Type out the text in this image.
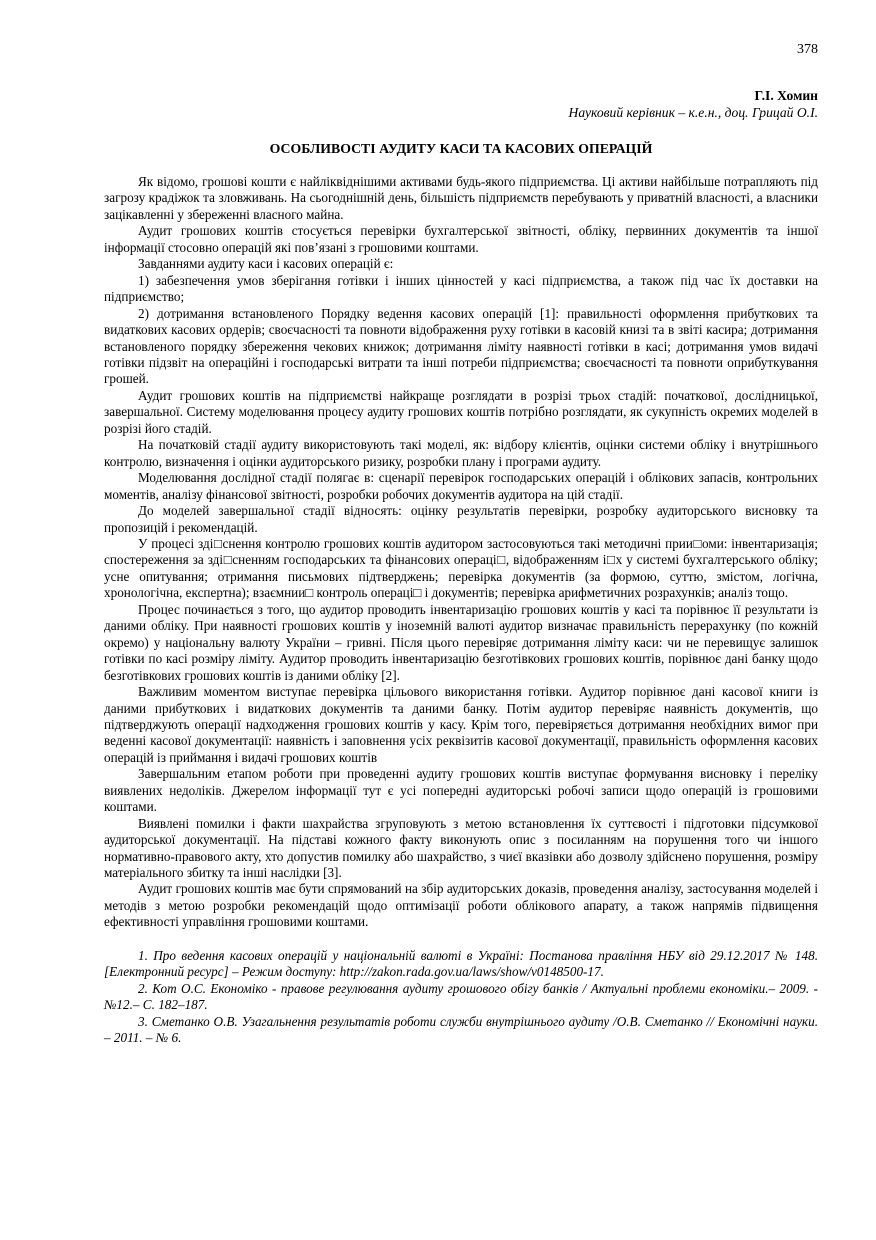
378

Г.І. Хомин

Науковий керівник – к.е.н., доц. Грицай О.І.

ОСОБЛИВОСТІ АУДИТУ КАСИ ТА КАСОВИХ ОПЕРАЦІЙ

Як відомо, грошові кошти є найліквіднішими активами будь-якого підприємства. Ці активи найбільше потрапляють під загрозу крадіжок та зловживань. На сьогоднішній день, більшість підприємств перебувають у приватній власності, а власники зацікавленні у збереженні власного майна.

Аудит грошових коштів стосується перевірки бухгалтерської звітності, обліку, первинних документів та іншої інформації стосовно операцій які пов’язані з грошовими коштами.

Завданнями аудиту каси і касових операцій є:

1) забезпечення умов зберігання готівки і інших цінностей у касі підприємства, а також під час їх доставки на підприємство;

2) дотримання встановленого Порядку ведення касових операцій [1]: правильності оформлення прибуткових та видаткових касових ордерів; своєчасності та повноти відображення руху готівки в касовій книзі та в звіті касира; дотримання встановленого порядку збереження чекових книжок; дотримання ліміту наявності готівки в касі; дотримання умов видачі готівки підзвіт на операційні і господарські витрати та інші потреби підприємства; своєчасності та повноти оприбуткування грошей.

Аудит грошових коштів на підприємстві найкраще розглядати в розрізі трьох стадій: початкової, дослідницької, завершальної. Систему моделювання процесу аудиту грошових коштів потрібно розглядати, як сукупність окремих моделей в розрізі його стадій.

На початковій стадії аудиту використовують такі моделі, як: відбору клієнтів, оцінки системи обліку і внутрішнього контролю, визначення і оцінки аудиторського ризику, розробки плану і програми аудиту.

Моделювання дослідної стадії полягає в: сценарії перевірок господарських операцій і облікових запасів, контрольних моментів, аналізу фінансової звітності, розробки робочих документів аудитора на цій стадії.

До моделей завершальної стадії відносять: оцінку результатів перевірки, розробку аудиторського висновку та пропозицій і рекомендацій.

У процесі зді□снення контролю грошових коштів аудитором застосовуються такі методичні прии□оми: інвентаризація; спостереження за зді□сненням господарських та фінансових операці□, відображенням і□х у системі бухгалтерського обліку; усне опитування; отримання письмових підтверджень; перевірка документів (за формою, суттю, змістом, логічна, хронологічна, експертна); взаємнии□ контроль операці□ і документів; перевірка арифметичних розрахунків; аналіз тощо.

Процес починається з того, що аудитор проводить інвентаризацію грошових коштів у касі та порівнює її результати із даними обліку. При наявності грошових коштів у іноземній валюті аудитор визначає правильність перерахунку (по кожній окремо) у національну валюту України – гривні. Після цього перевіряє дотримання ліміту каси: чи не перевищує залишок готівки по касі розміру ліміту. Аудитор проводить інвентаризацію безготівкових грошових коштів, порівнює дані банку щодо безготівкових грошових коштів із даними обліку [2].

Важливим моментом виступає перевірка цільового використання готівки. Аудитор порівнює дані касової книги із даними прибуткових і видаткових документів та даними банку. Потім аудитор перевіряє наявність документів, що підтверджують операції надходження грошових коштів у касу. Крім того, перевіряється дотримання необхідних вимог при веденні касової документації: наявність і заповнення усіх реквізитів касової документації, правильність оформлення касових операцій із приймання і видачі грошових коштів

Завершальним етапом роботи при проведенні аудиту грошових коштів виступає формування висновку і переліку виявлених недоліків. Джерелом інформації тут є усі попередні аудиторські робочі записи щодо операцій із грошовими коштами.

Виявлені помилки і факти шахрайства згруповують з метою встановлення їх суттєвості і підготовки підсумкової аудиторської документації. На підставі кожного факту виконують опис з посиланням на порушення того чи іншого нормативно-правового акту, хто допустив помилку або шахрайство, з чиєї вказівки або дозволу здійснено порушення, розміру матеріального збитку та інші наслідки [3].

Аудит грошових коштів має бути спрямований на збір аудиторських доказів, проведення аналізу, застосування моделей і методів з метою розробки рекомендацій щодо оптимізації роботи облікового апарату, а також напрямів підвищення ефективності управління грошовими коштами.

1. Про ведення касових операцій у національній валюті в Україні: Постанова правління НБУ від 29.12.2017 № 148. [Електронний ресурс] – Режим доступу: http://zakon.rada.gov.ua/laws/show/v0148500-17.

2. Кот О.С. Економіко - правове регулювання аудиту грошового обігу банків / Актуальні проблеми економіки.– 2009. -№12.– С. 182–187.

3. Сметанко О.В. Узагальнення результатів роботи служби внутрішнього аудиту /О.В. Сметанко // Економічні науки. – 2011. – № 6.
